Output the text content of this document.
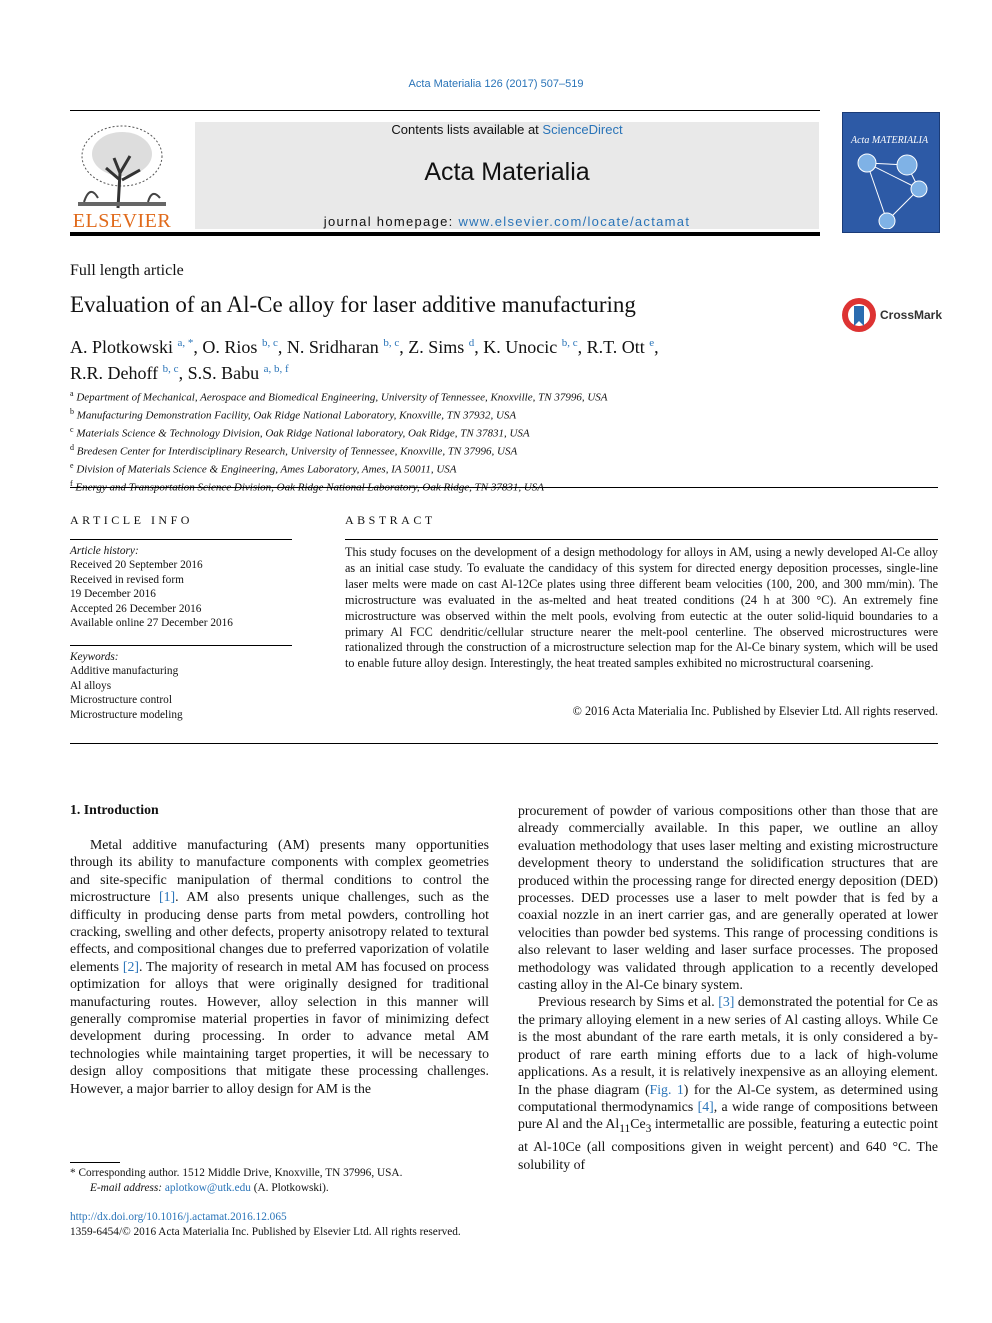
Acta Materialia 126 (2017) 507–519
ELSEVIER
Contents lists available at ScienceDirect
Acta Materialia
journal homepage: www.elsevier.com/locate/actamat
Acta MATERIALIA
Full length article
Evaluation of an Al-Ce alloy for laser additive manufacturing	CrossMark
A. Plotkowski $^{a, *}$, O. Rios $^{b, c}$, N. Sridharan $^{b, c}$, Z. Sims $^d$, K. Unocic $^{b, c}$, R.T. Ott $^e$,
R.R. Dehoff $^{b, c}$, S.S. Babu $^{a, b, f}$
$^a$ Department of Mechanical, Aerospace and Biomedical Engineering, University of Tennessee, Knoxville, TN 37996, USA
$^b$ Manufacturing Demonstration Facility, Oak Ridge National Laboratory, Knoxville, TN 37932, USA
$^c$ Materials Science & Technology Division, Oak Ridge National laboratory, Oak Ridge, TN 37831, USA
$^d$ Bredesen Center for Interdisciplinary Research, University of Tennessee, Knoxville, TN 37996, USA
$^e$ Division of Materials Science & Engineering, Ames Laboratory, Ames, IA 50011, USA
$^f$ Energy and Transportation Science Division, Oak Ridge National Laboratory, Oak Ridge, TN 37831, USA
ARTICLE INFO	ABSTRACT
Article history:
Received 20 September 2016
Received in revised form
19 December 2016
Accepted 26 December 2016
Available online 27 December 2016
Keywords:
Additive manufacturing
Al alloys
Microstructure control
Microstructure modeling
This study focuses on the development of a design methodology for alloys in AM, using a newly developed Al-Ce alloy as an initial case study. To evaluate the candidacy of this system for directed energy deposition processes, single-line laser melts were made on cast Al-12Ce plates using three different beam velocities (100, 200, and 300 mm/min). The microstructure was evaluated in the as-melted and heat treated conditions (24 h at 300 °C). An extremely fine microstructure was observed within the melt pools, evolving from eutectic at the outer solid-liquid boundaries to a primary Al FCC dendritic/cellular structure nearer the melt-pool centerline. The observed microstructures were rationalized through the construction of a microstructure selection map for the Al-Ce binary system, which will be used to enable future alloy design. Interestingly, the heat treated samples exhibited no microstructural coarsening.
© 2016 Acta Materialia Inc. Published by Elsevier Ltd. All rights reserved.
1. Introduction

Metal additive manufacturing (AM) presents many opportunities through its ability to manufacture components with complex geometries and site-specific manipulation of thermal conditions to control the microstructure [1]. AM also presents unique challenges, such as the difficulty in producing dense parts from metal powders, controlling hot cracking, swelling and other defects, property anisotropy related to textural effects, and compositional changes due to preferred vaporization of volatile elements [2]. The majority of research in metal AM has focused on process optimization for alloys that were originally designed for traditional manufacturing routes. However, alloy selection in this manner will generally compromise material properties in favor of minimizing defect development during processing. In order to advance metal AM technologies while maintaining target properties, it will be necessary to design alloy compositions that mitigate these processing challenges. However, a major barrier to alloy design for AM is the

procurement of powder of various compositions other than those that are already commercially available. In this paper, we outline an alloy evaluation methodology that uses laser melting and existing microstructure development theory to understand the solidification structures that are produced within the processing range for directed energy deposition (DED) processes. DED processes use a laser to melt powder that is fed by a coaxial nozzle in an inert carrier gas, and are generally operated at lower velocities than powder bed systems. This range of processing conditions is also relevant to laser welding and laser surface processes. The proposed methodology was validated through application to a recently developed casting alloy in the Al-Ce binary system.

Previous research by Sims et al. [3] demonstrated the potential for Ce as the primary alloying element in a new series of Al casting alloys. While Ce is the most abundant of the rare earth metals, it is only considered a by-product of rare earth mining efforts due to a lack of high-volume applications. As a result, it is relatively inexpensive as an alloying element. In the phase diagram (Fig. 1) for the Al-Ce system, as determined using computational thermodynamics [4], a wide range of compositions between pure Al and the $Al_{11}Ce_3$ intermetallic are possible, featuring a eutectic point at Al-10Ce (all compositions given in weight percent) and 640 °C. The solubility of

* Corresponding author. 1512 Middle Drive, Knoxville, TN 37996, USA.
E-mail address: aplotkow@utk.edu (A. Plotkowski).
http://dx.doi.org/10.1016/j.actamat.2016.12.065
1359-6454/© 2016 Acta Materialia Inc. Published by Elsevier Ltd. All rights reserved.
